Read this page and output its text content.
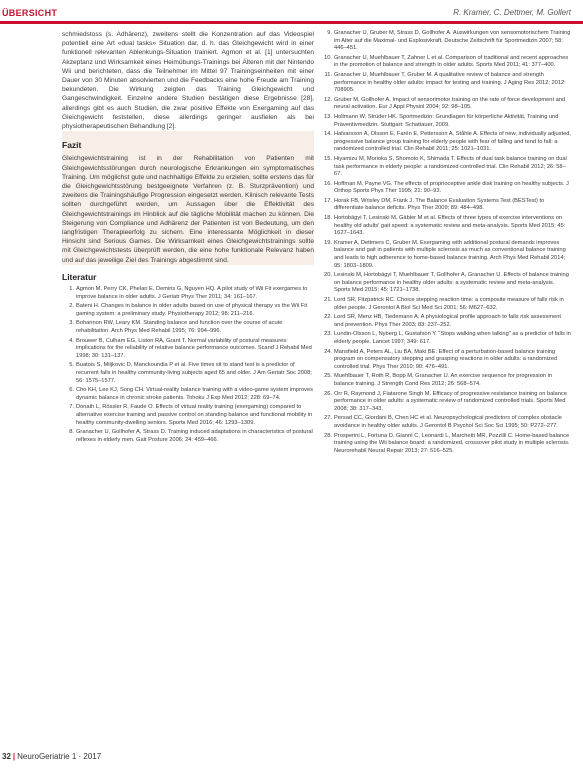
ÜBERSICHT	R. Kramer, C. Dettmer, M. Gollert

schmiedstoss (s. Adhärenz), zweitens stellt die Konzentration auf das Videospiel potentiell eine Art «dual tasks» Situation dar, d. h. das Gleichgewicht wird in einer funktionell relevanten Ablenkungs-Situation trainiert. Agmon et al. [1] untersuchten Akzeptanz und Wirksamkeit eines Heimübungs-Trainings bei Älteren mit der Nintendo Wii und berichteten, dass die Teilnehmer im Mittel 97 Trainingseinheiten mit einer Dauer von 30 Minuten absolvierten und die Feedbacks eine hohe Freude am Training bekundeten. Die Wirkung zeigten das Training Gleichgewicht und Gangeschwindigkeit. Einzelne andere Studien bestätigen diese Ergebnisse [28], allerdings gibt es auch Studien, die zwar positive Effekte von Exergaming auf das Gleichgewicht feststellen, diese allerdings geringer ausfielen als bei physiotherapeutischen Behandlung [2].

Fazit

Gleichgewichtstraining ist in der Rehabilitation von Patienten mit Gleichgewichtsstörungen durch neurologische Erkrankungen ein symptomatisches Training. Um möglichst gute und nachhaltige Effekte zu erzielen, sollte erstens das für die Gleichgewichtsstörung bestgeeignete Verfahren (z. B. Sturzprävention) und zweitens die Trainingshäufige Progression eingesetzt werden. Klinisch relevante Tests sollten durchgeführt werden, um Aussagen über die Effektivität des Gleichgewichtstrainings im Hinblick auf die tägliche Mobilität machen zu können. Die Steigerung von Compliance und Adhärenz der Patienten ist von Bedeutung, um den langfristigen Therapieerfolg zu sichern. Eine interessante Möglichkeit in dieser Hinsicht sind Serious Games. Die Wirksamkeit eines Gleichgewichtstrainings sollte mit Gleichgewichtstests überprüft werden, die eine hohe funktionale Relevanz haben und auf das jeweilige Ziel des Trainings abgestimmt sind.

Literatur
1. Agmon M, Perry CK, Phelan E, Demiris G, Nguyen HQ. A pilot study of Wii Fit exergames to improve balance in older adults. J Geriatr Phys Ther 2011; 34: 161–167.
2. Bateni H. Changes in balance in older adults based on use of physical therapy vs the Wii Fit gaming system: a preliminary study. Physiotherapy 2012; 98: 211–216.
3. Bohannon RW, Leary KM. Standing balance and function over the course of acute rehabilitation. Arch Phys Med Rehabil 1995; 76: 994–996.
4. Brouwer B, Culham EG, Liston RA, Grant T. Normal variability of postural measures: implications for the reliability of relative balance performance outcomes. Scand J Rehabil Med 1998; 30: 131–137.
5. Buatois S, Miljkovic D, Manckoundia P et al. Five times sit to stand test is a predictor of recurrent falls in healthy community-living subjects aged 65 and older. J Am Geriatr Soc 2008; 56: 1575–1577.
6. Cho KH, Lee KJ, Song CH. Virtual-reality balance training with a video-game system improves dynamic balance in chronic stroke patients. Tohoku J Exp Med 2012; 228: 69–74.
7. Donath L, Rössler R, Faude O. Effects of virtual reality training (exergaming) compared to alternative exercise training and passive control on standing balance and functional mobility in healthy community-dwelling seniors. Sports Med 2016; 46: 1293–1309.
8. Granacher U, Gollhofer A, Strass D. Training induced adaptations in characteristics of postural reflexes in elderly men. Gait Posture 2006; 24: 459–466.
9. Granacher U, Gruber M, Strass D, Gollhofer A. Auswirkungen von sensomotorischem Training im Alter auf die Maximal- und Explosivkraft. Deutsche Zeitschrift für Sportmedizin 2007; 58: 446–451.
10. Granacher U, Muehlbauer T, Zahner L et al. Comparison of traditional and recent approaches in the promotion of balance and strength in older adults. Sports Med 2011; 41: 377–400.
11. Granacher U, Muehlbauer T, Gruber M. A qualitative review of balance and strength performance in healthy older adults: impact for testing and training. J Aging Res 2012; 2012: 708905.
12. Gruber M, Gollhofer A. Impact of sensorimotor training on the rate of force development and neural activation. Eur J Appl Physiol 2004; 92: 98–105.
13. Hollmann W, Strüder HK. Sportmedizin: Grundlagen für körperliche Aktivität, Training und Präventivmedizin. Stuttgart: Schattauer, 2009.
14. Halvarsson A, Olsson E, Farén E, Pettersson A, Ståhle A. Effects of new, individually adjusted, progressive balance group training for elderly people with fear of falling and tend to fall: a randomized controlled trial. Clin Rehabil 2011; 25: 1021–1031.
15. Hiyamizu M, Morioka S, Shomoto K, Shimada T. Effects of dual task balance training on dual task performance in elderly people: a randomized controlled trial. Clin Rehabil 2012; 26: 58–67.
16. Hoffman M, Payne VG. The effects of proprioceptive ankle disk training on healthy subjects. J Orthop Sports Phys Ther 1995; 21: 90–93.
17. Horak FB, Wrisley DM, Frank J. The Balance Evaluation Systems Test (BESTest) to differentiate balance deficits. Phys Ther 2009; 89: 484–498.
18. Hortobágyi T, Lesinski M, Gäbler M et al. Effects of three types of exercise interventions on healthy old adults' gait speed: a systematic review and meta-analysis. Sports Med 2015; 45: 1627–1643.
19. Kramer A, Dettmers C, Gruber M. Exergaming with additional postural demands improves balance and gait in patients with multiple sclerosis as much as conventional balance training and leads to high adherence to home-based balance training. Arch Phys Med Rehabil 2014; 95: 1803–1809.
20. Lesinski M, Hortobágyi T, Muehlbauer T, Gollhofer A, Granacher U. Effects of balance training on balance performance in healthy older adults: a systematic review and meta-analysis. Sports Med 2015; 45: 1721–1738.
21. Lord SR, Fitzpatrick RC. Choice stepping reaction time: a composite measure of falls risk in older people. J Gerontol A Biol Sci Med Sci 2001; 56: M627–632.
22. Lord SR, Menz HB, Tiedemann A. A physiological profile approach to falls risk assessment and prevention. Phys Ther 2003; 83: 237–252.
23. Lundin-Olsson L, Nyberg L, Gustafson Y. "Stops walking when talking" as a predictor of falls in elderly people. Lancet 1997; 349: 617.
24. Mansfield A, Peters AL, Liu BA, Maki BE. Effect of a perturbation-based balance training program on compensatory stepping and grasping reactions in older adults: a randomized controlled trial. Phys Ther 2010; 90: 476–491.
25. Muehlbauer T, Roth R, Bopp M, Granacher U. An exercise sequence for progression in balance training. J Strength Cond Res 2012; 26: 568–574.
26. Orr R, Raymond J, Fiatarone Singh M. Efficacy of progressive resistance training on balance performance in older adults: a systematic review of randomized controlled trials. Sports Med 2008; 38: 317–343.
27. Persad CC, Giordani B, Chen HC et al. Neuropsychological predictors of complex obstacle avoidance in healthy older adults. J Gerontol B Psychol Sci Soc Sci 1995; 50: P272–277.
28. Prosperini L, Fortuna D, Giannì C, Leonardi L, Marchetti MR, Pozzilli C. Home-based balance training using the Wii balance board: a randomized, crossover pilot study in multiple sclerosis. Neurorehabil Neural Repair 2013; 27: 516–525.
32 | NeuroGeriatrie 1 · 2017
